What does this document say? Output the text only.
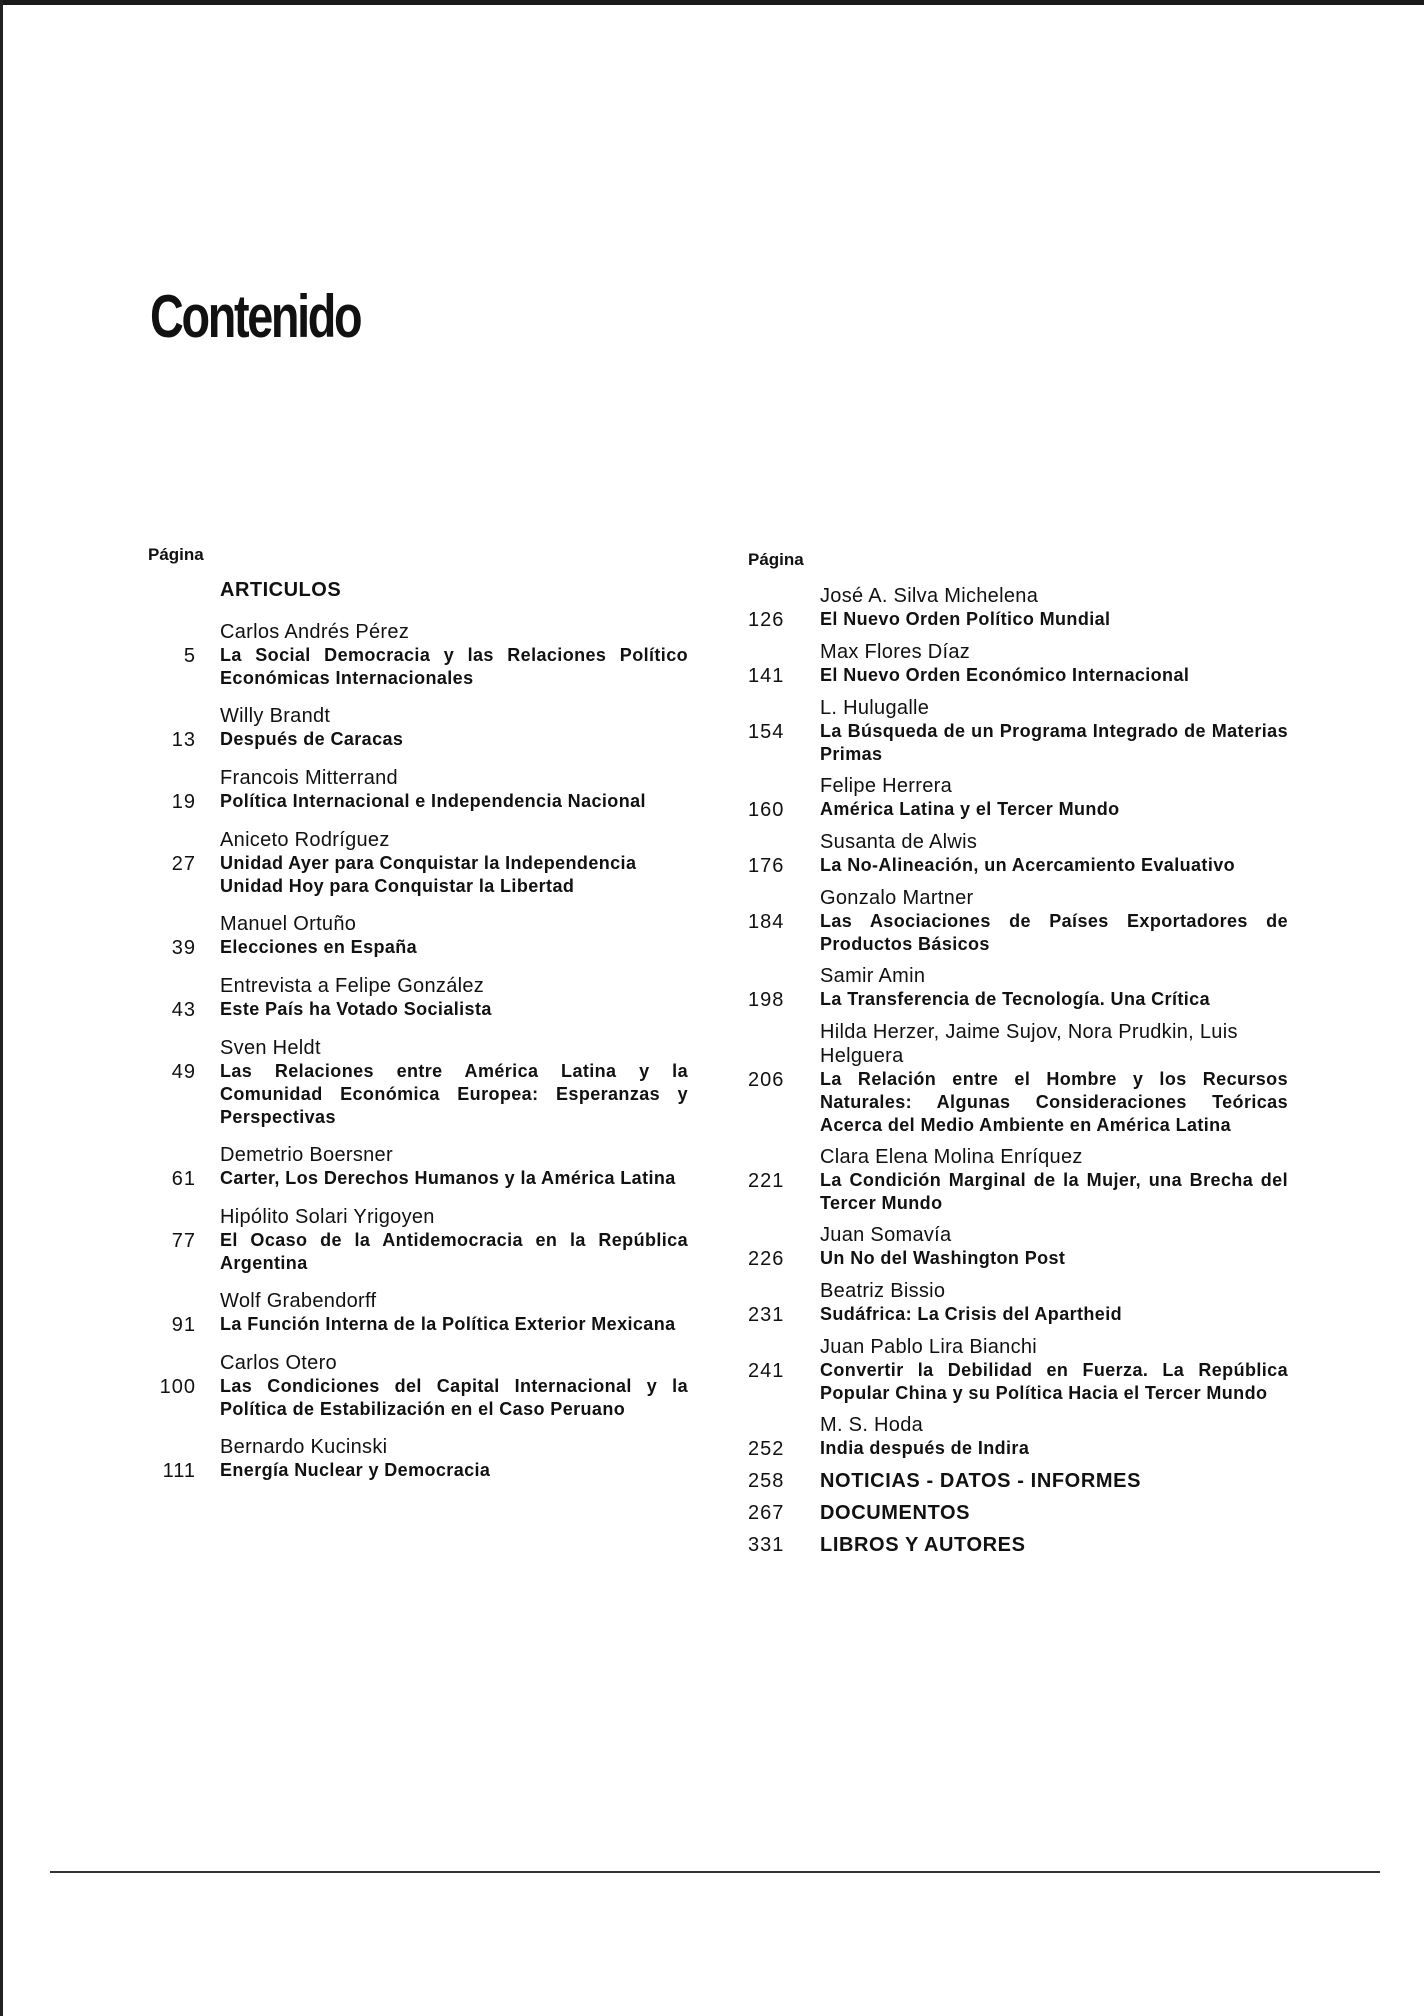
Contenido
Página
ARTICULOS
Carlos Andrés Pérez
5	La Social Democracia y las Relaciones Político Económicas Internacionales
Willy Brandt
13	Después de Caracas
Francois Mitterrand
19	Política Internacional e Independencia Nacional
Aniceto Rodríguez
27	Unidad Ayer para Conquistar la Independencia
Unidad Hoy para Conquistar la Libertad
Manuel Ortuño
39	Elecciones en España
Entrevista a Felipe González
43	Este País ha Votado Socialista
Sven Heldt
49	Las Relaciones entre América Latina y la Comunidad Económica Europea: Esperanzas y Perspectivas
Demetrio Boersner
61	Carter, Los Derechos Humanos y la América Latina
Hipólito Solari Yrigoyen
77	El Ocaso de la Antidemocracia en la República Argentina
Wolf Grabendorff
91	La Función Interna de la Política Exterior Mexicana
Carlos Otero
100	Las Condiciones del Capital Internacional y la Política de Estabilización en el Caso Peruano
Bernardo Kucinski
111	Energía Nuclear y Democracia
Página
José A. Silva Michelena
126	El Nuevo Orden Político Mundial
Max Flores Díaz
141	El Nuevo Orden Económico Internacional
L. Hulugalle
154	La Búsqueda de un Programa Integrado de Materias Primas
Felipe Herrera
160	América Latina y el Tercer Mundo
Susanta de Alwis
176	La No-Alineación, un Acercamiento Evaluativo
Gonzalo Martner
184	Las Asociaciones de Países Exportadores de Productos Básicos
Samir Amin
198	La Transferencia de Tecnología. Una Crítica
Hilda Herzer, Jaime Sujov, Nora Prudkin, Luis Helguera
206	La Relación entre el Hombre y los Recursos Naturales: Algunas Consideraciones Teóricas Acerca del Medio Ambiente en América Latina
Clara Elena Molina Enríquez
221	La Condición Marginal de la Mujer, una Brecha del Tercer Mundo
Juan Somavía
226	Un No del Washington Post
Beatriz Bissio
231	Sudáfrica: La Crisis del Apartheid
Juan Pablo Lira Bianchi
241	Convertir la Debilidad en Fuerza. La República Popular China y su Política Hacia el Tercer Mundo
M. S. Hoda
252	India después de Indira
258	NOTICIAS - DATOS - INFORMES
267	DOCUMENTOS
331	LIBROS Y AUTORES
